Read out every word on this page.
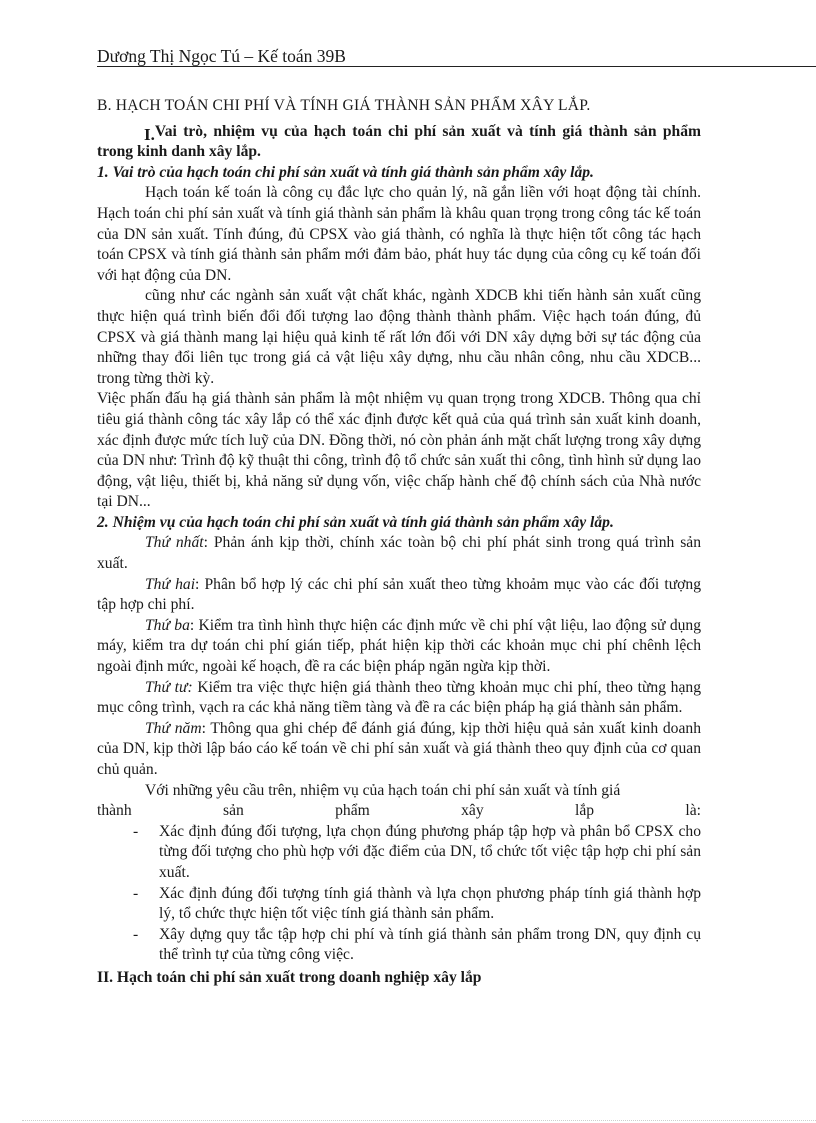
Dương Thị Ngọc Tú – Kế toán 39B

B. HẠCH TOÁN CHI PHÍ VÀ TÍNH GIÁ THÀNH SẢN PHẨM XÂY LẮP.

I.Vai trò, nhiệm vụ của hạch toán chi phí sản xuất và tính giá thành sản phẩm trong kinh danh xây lắp.

1. Vai trò của hạch toán chi phí sản xuất và tính giá thành sản phẩm xây lắp.

Hạch toán kế toán là công cụ đắc lực cho quản lý, nã gắn liền với hoạt động tài chính. Hạch toán chi phí sản xuất và tính giá thành sản phẩm là khâu quan trọng trong công tác kế toán của DN sản xuất. Tính đúng, đủ CPSX vào giá thành, có nghĩa là thực hiện tốt công tác hạch toán CPSX và tính giá thành sản phẩm mới đảm bảo, phát huy tác dụng của công cụ kế toán đối với hạt động của DN.

cũng như các ngành sản xuất vật chất khác, ngành XDCB khi tiến hành sản xuất cũng thực hiện quá trình biến đổi đối tượng lao động thành thành phẩm. Việc hạch toán đúng, đủ CPSX và giá thành mang lại hiệu quả kinh tế rất lớn đối với DN xây dựng bởi sự tác động của những thay đổi liên tục trong giá cả vật liệu xây dựng, nhu cầu nhân công, nhu cầu XDCB... trong từng thời kỳ.

Việc phấn đấu hạ giá thành sản phẩm là một nhiệm vụ quan trọng trong XDCB. Thông qua chỉ tiêu giá thành công tác xây lắp có thể xác định được kết quả của quá trình sản xuất kinh doanh, xác định được mức tích luỹ của DN. Đồng thời, nó còn phản ánh mặt chất lượng trong xây dựng của DN như: Trình độ kỹ thuật thi công, trình độ tổ chức sản xuất thi công, tình hình sử dụng lao động, vật liệu, thiết bị, khả năng sử dụng vốn, việc chấp hành chế độ chính sách của Nhà nước tại DN...

2. Nhiệm vụ của hạch toán chi phí sản xuất và tính giá thành sản phẩm xây lắp.

Thứ nhất: Phản ánh kịp thời, chính xác toàn bộ chi phí phát sinh trong quá trình sản xuất.

Thứ hai: Phân bổ hợp lý các chi phí sản xuất theo từng khoảm mục vào các đối tượng tập hợp chi phí.

Thứ ba: Kiểm tra tình hình thực hiện các định mức về chi phí vật liệu, lao động sử dụng máy, kiểm tra dự toán chi phí gián tiếp, phát hiện kịp thời các khoản mục chi phí chênh lệch ngoài định mức, ngoài kế hoạch, đề ra các biện pháp ngăn ngừa kịp thời.

Thứ tư: Kiểm tra việc thực hiện giá thành theo từng khoản mục chi phí, theo từng hạng mục công trình, vạch ra các khả năng tiềm tàng và đề ra các biện pháp hạ giá thành sản phẩm.

Thứ năm: Thông qua ghi chép để đánh giá đúng, kịp thời hiệu quả sản xuất kinh doanh của DN, kịp thời lập báo cáo kế toán về chi phí sản xuất và giá thành theo quy định của cơ quan chủ quản.

Với những yêu cầu trên, nhiệm vụ của hạch toán chi phí sản xuất và tính giá

thành sản phẩm xây lắp là:

- Xác định đúng đối tượng, lựa chọn đúng phương pháp tập hợp và phân bổ CPSX cho từng đối tượng cho phù hợp với đặc điểm của DN, tổ chức tốt việc tập hợp chi phí sản xuất.
- Xác định đúng đối tượng tính giá thành và lựa chọn phương pháp tính giá thành hợp lý, tổ chức thực hiện tốt việc tính giá thành sản phẩm.
- Xây dựng quy tắc tập hợp chi phí và tính giá thành sản phẩm trong DN, quy định cụ thể trình tự của từng công việc.

II. Hạch toán chi phí sản xuất trong doanh nghiệp xây lắp
